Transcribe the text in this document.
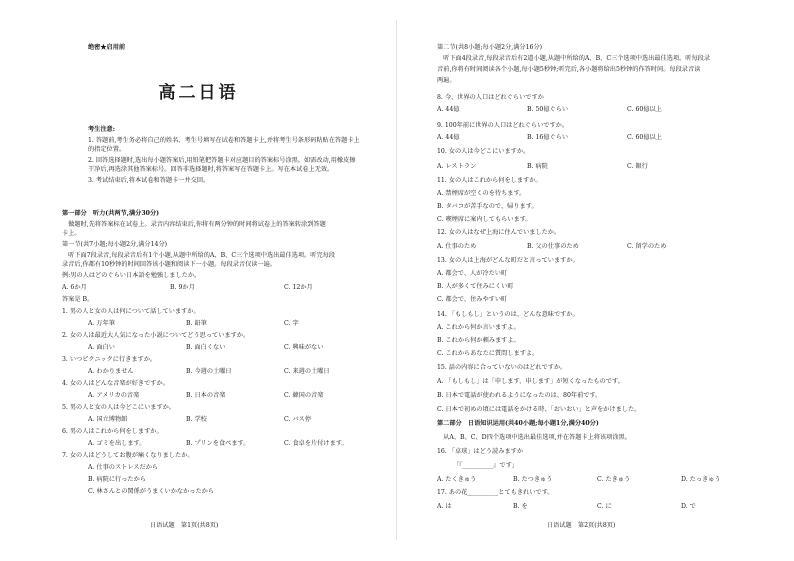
绝密★启用前
高二日语
考生注意:
1. 答题前,考生务必将自己的姓名、考生号填写在试卷和答题卡上,并将考生号条形码粘贴在答题卡上
的指定位置。
2. 回答选择题时,选出每小题答案后,用铅笔把答题卡对应题目的答案标号涂黑。如需改动,用橡皮擦
干净后,再选涂其他答案标号。回答非选择题时,将答案写在答题卡上。写在本试卷上无效。
3. 考试结束后,将本试卷和答题卡一并交回。
第一部分　听力(共两节,满分30分)
　做题时,先将答案标在试卷上。录音内容结束后,你将有两分钟的时间将试卷上的答案转涂到答题
卡上。
第一节(共7小题;每小题2分,满分14分)
　听下面7段录音,每段录音后有1个小题,从题中所给的A、B、C三个选项中选出最佳选项。听完每段
录音后,你都有10秒钟的时间回答该小题和阅读下一小题。每段录音仅读一遍。
例:男の人はどのぐらい日本語を勉強しましたか。
A. 6か月	B. 9か月	C. 12か月
答案是 B。
1. 男の人と女の人は何について話していますか。
A. 万年筆	B. 鉛筆	C. 字
2. 女の人は最近大人気になった小説についてどう思っていますか。
A. 面白い	B. 面白くない	C. 興味がない
3. いつピクニックに行きますか。
A. わかりません	B. 今週の土曜日	C. 来週の土曜日
4. 女の人はどんな音楽が好きですか。
A. アメリカの音楽	B. 日本の音楽	C. 韓国の音楽
5. 男の人と女の人は今どこにいますか。
A. 国立博物館	B. 学校	C. バス停
6. 男の人はこれから何をしますか。
A. ゴミを出します。	B. プリンを食べます。	C. 食卓を片付けます。
7. 女の人はどうしてお腹が痛くなりましたか。
A. 仕事のストレスだから
B. 病院に行ったから
C. 林さんとの関係がうまくいかなかったから
日语试题　第1页(共8页)
第二节(共8小题;每小题2分,满分16分)
　听下面4段录音,每段录音后有2道小题,从题中所给的A、B、C三个选项中选出最佳选项。听每段录
音前,你将有时间阅读各个小题,每小题5秒钟;听完后,各小题将给出5秒钟的作答时间。每段录音读
两遍。
8. 今、世界の人口はどれぐらいですか
A. 44億	B. 50億ぐらい	C. 60億以上
9. 100年前に世界の人口はどれぐらいですか。
A. 44億	B. 16億ぐらい	C. 60億以上
10. 女の人は今どこにいますか。
A. レストラン	B. 病院	C. 銀行
11. 女の人はこれから何をしますか。
A. 禁煙席が空くのを待ちます。
B. タバコが苦手なので、帰ります。
C. 喫煙席に案内してもらいます。
12. 女の人はなぜ上海に住んでいましたか。
A. 仕事のため	B. 父の仕事のため	C. 留学のため
13. 女の人は上海がどんな町だと言っていますか。
A. 都会で、人が冷たい町
B. 人が多くて住みにくい町
C. 都会で、住みやすい町
14. 「もしもし」というのは、どんな意味ですか。
A. これから何か言いますよ。
B. これから何か頼みますよ。
C. これからあなたに質問しますよ。
15. 話の内容に合っていないのはどれですか。
A. 「もしもし」は「申します、申します」が短くなったものです。
B. 日本で電話が使われるようになったのは、80年前です。
C. 日本で初めの頃には電話をかける時、「おいおい」と声をかけました。
第二部分　日语知识运用(共40小题;每小题1分,满分40分)
　从A、B、C、D四个选项中选出最佳选项,并在答题卡上将该项涂黑。
16. 「卓球」はどう読みますか
「『__________』です」
A. たくきゅう	B. たつきゅう	C. たきゅう	D. たっきゅう
17. あの花__________とてもきれいです。
A. は	B. を	C. に	D. で
日语试题　第2页(共8页)
